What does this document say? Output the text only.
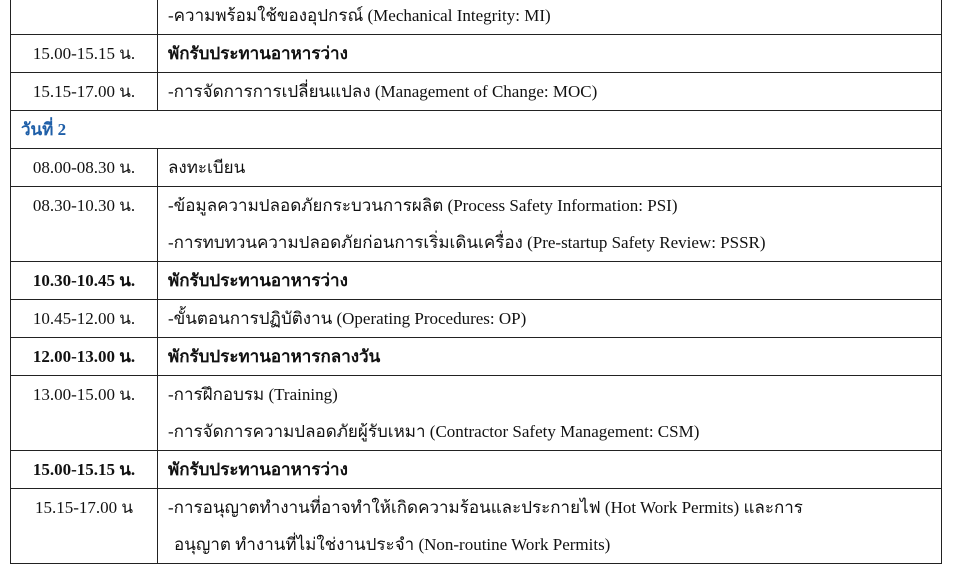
	-ความพร้อมใช้ของอุปกรณ์ (Mechanical Integrity: MI)

15.00-15.15 น.	พักรับประทานอาหารว่าง

15.15-17.00 น.	-การจัดการการเปลี่ยนแปลง (Management of Change: MOC)

วันที่ 2	

08.00-08.30 น.	ลงทะเบียน

08.30-10.30 น.	-ข้อมูลความปลอดภัยกระบวนการผลิต (Process Safety Information: PSI)
-การทบทวนความปลอดภัยก่อนการเริ่มเดินเครื่อง (Pre-startup Safety Review: PSSR)

10.30-10.45 น.	พักรับประทานอาหารว่าง

10.45-12.00 น.	-ขั้นตอนการปฏิบัติงาน (Operating Procedures: OP)

12.00-13.00 น.	พักรับประทานอาหารกลางวัน

13.00-15.00 น.	-การฝึกอบรม (Training)
-การจัดการความปลอดภัยผู้รับเหมา (Contractor Safety Management: CSM)

15.00-15.15 น.	พักรับประทานอาหารว่าง

15.15-17.00 น	-การอนุญาตทำงานที่อาจทำให้เกิดความร้อนและประกายไฟ (Hot Work Permits) และการ
อนุญาต ทำงานที่ไม่ใช่งานประจำ (Non-routine Work Permits)
